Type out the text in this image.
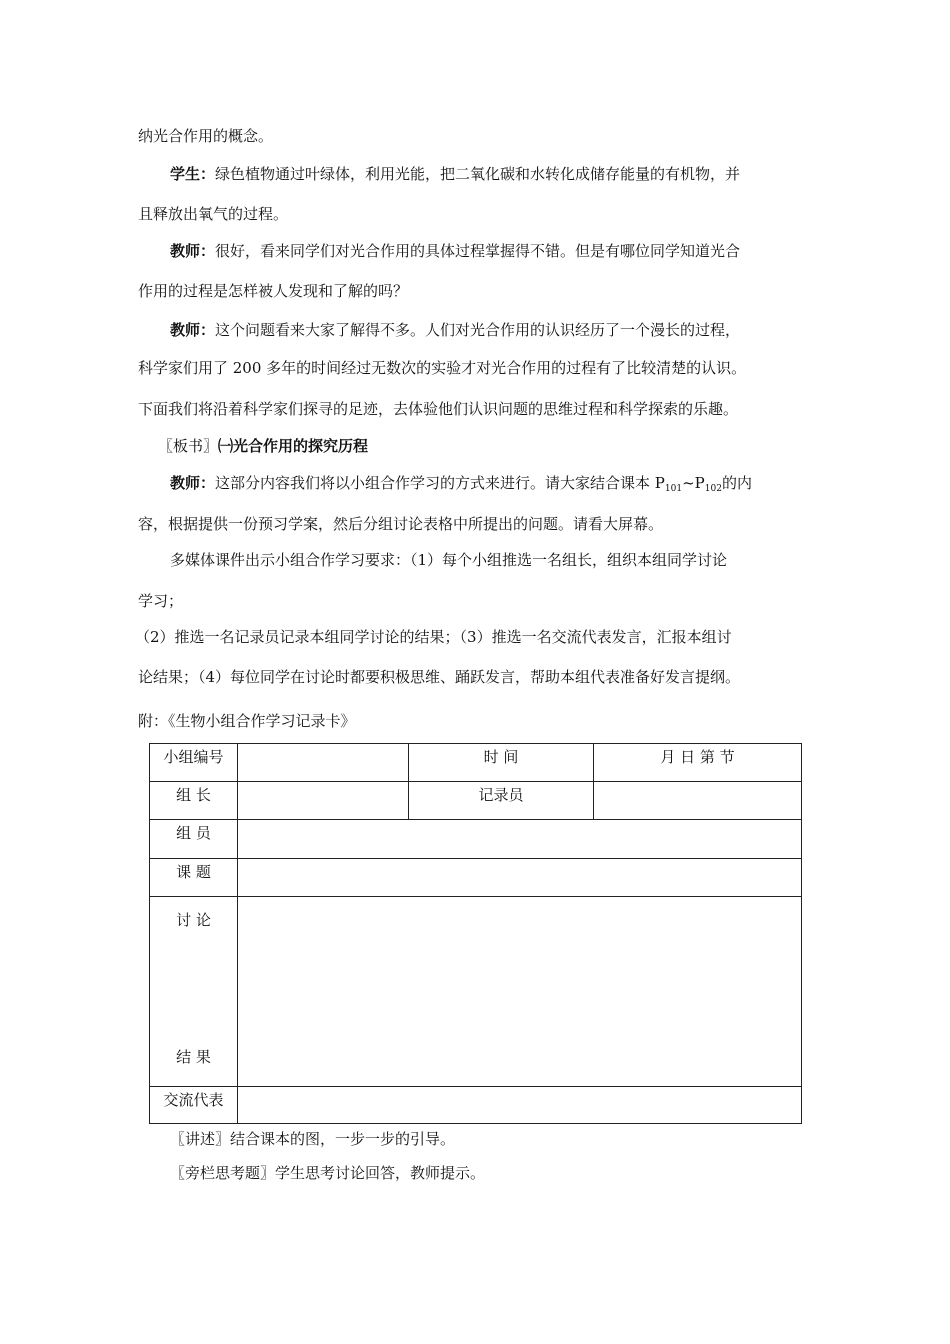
纳光合作用的概念。
学生：绿色植物通过叶绿体，利用光能，把二氧化碳和水转化成储存能量的有机物，并
且释放出氧气的过程。
教师：很好，看来同学们对光合作用的具体过程掌握得不错。但是有哪位同学知道光合
作用的过程是怎样被人发现和了解的吗？
教师：这个问题看来大家了解得不多。人们对光合作用的认识经历了一个漫长的过程，
科学家们用了 200 多年的时间经过无数次的实验才对光合作用的过程有了比较清楚的认识。
下面我们将沿着科学家们探寻的足迹，去体验他们认识问题的思维过程和科学探索的乐趣。
〖板书〗㈠光合作用的探究历程
教师：这部分内容我们将以小组合作学习的方式来进行。请大家结合课本 $P_{101}\sim P_{102}$的内
容，根据提供一份预习学案，然后分组讨论表格中所提出的问题。请看大屏幕。
多媒体课件出示小组合作学习要求：（1）每个小组推选一名组长，组织本组同学讨论
学习；
（2）推选一名记录员记录本组同学讨论的结果；（3）推选一名交流代表发言，汇报本组讨
论结果；（4）每位同学在讨论时都要积极思维、踊跃发言，帮助本组代表准备好发言提纲。
附：《生物小组合作学习记录卡》
小组编号		时 间	月 日 第 节
组 长		记录员	
组 员			
课 题			

讨 论
结 果			

交流代表			
〖讲述〗结合课本的图，一步一步的引导。
〖旁栏思考题〗学生思考讨论回答，教师提示。
